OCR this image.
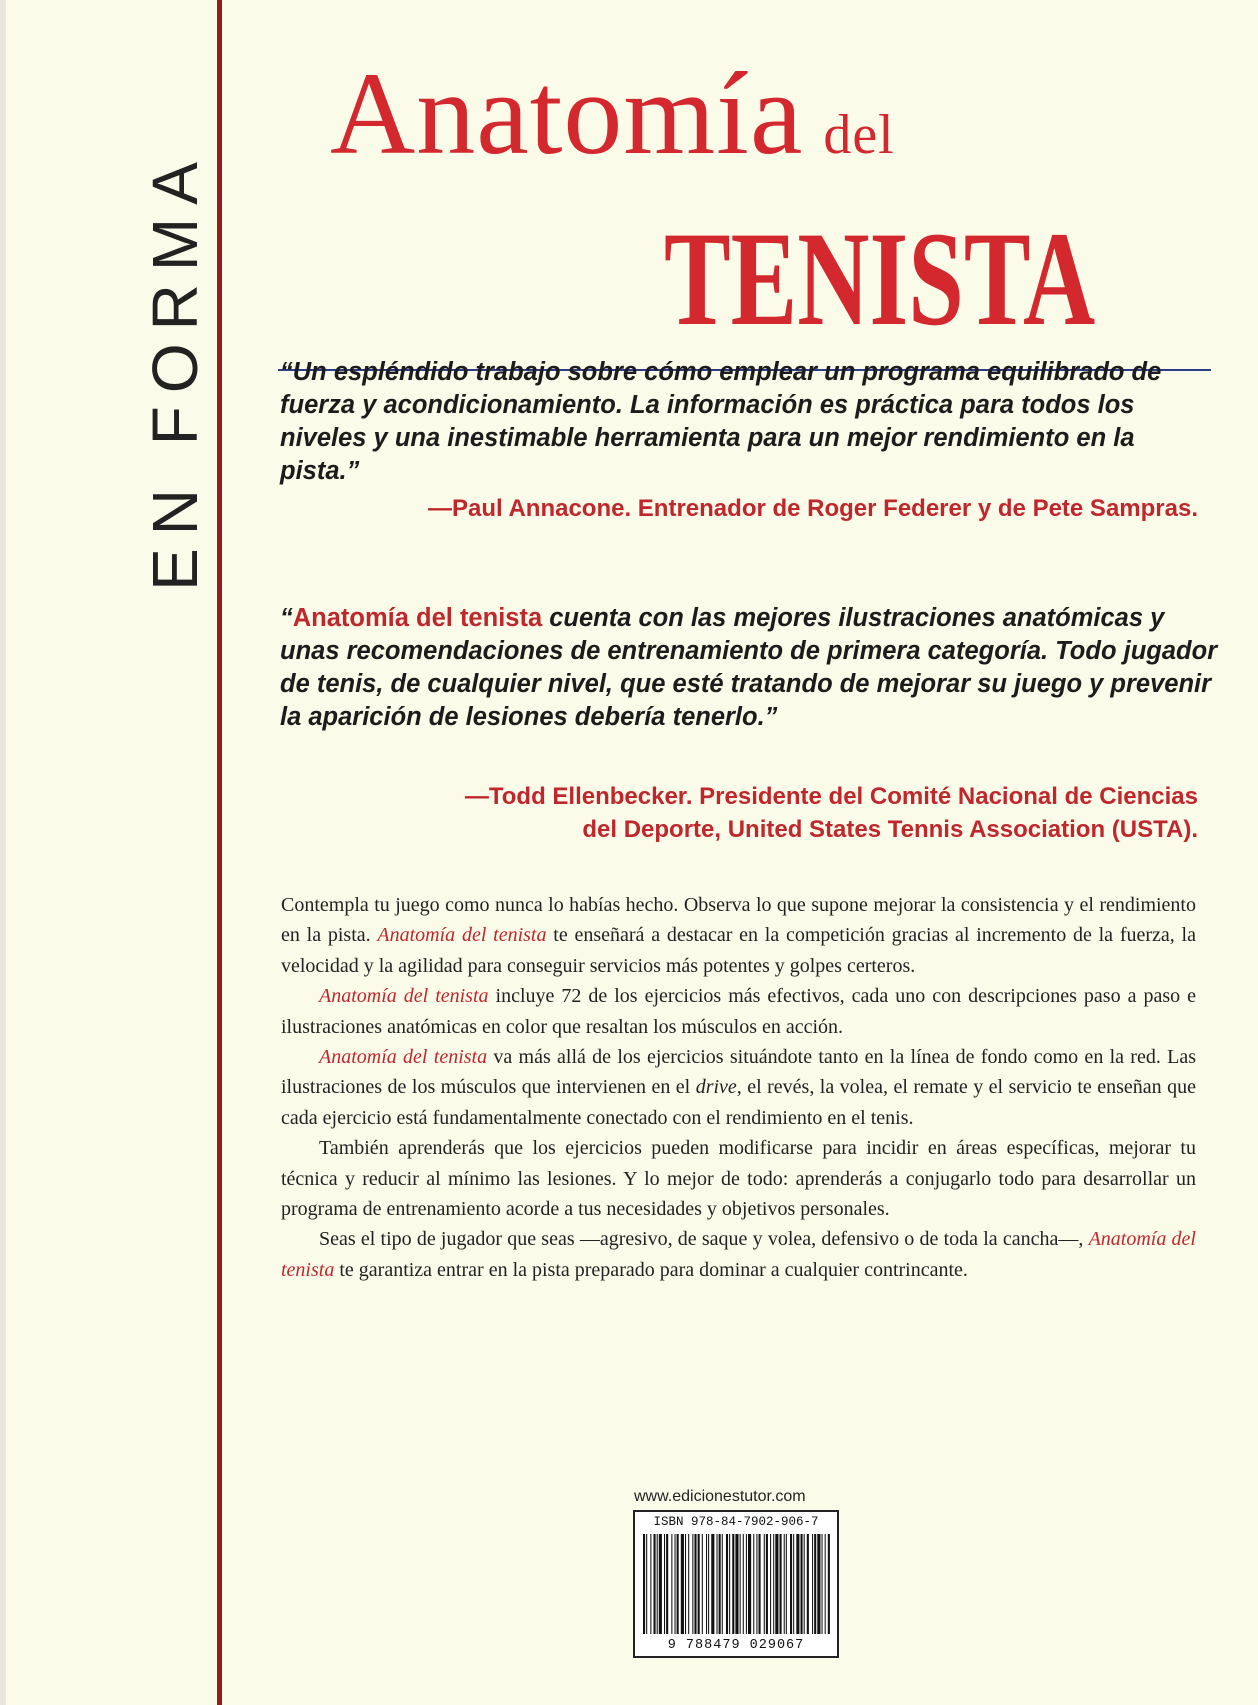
EN FORMA
Anatomía del
TENISTA

“Un espléndido trabajo sobre cómo emplear un programa equilibrado de fuerza y acondicionamiento. La información es práctica para todos los niveles y una inestimable herramienta para un mejor rendimiento en la pista.”

—Paul Annacone. Entrenador de Roger Federer y de Pete Sampras.

“Anatomía del tenista cuenta con las mejores ilustraciones anatómicas y unas recomendaciones de entrenamiento de primera categoría. Todo jugador de tenis, de cualquier nivel, que esté tratando de mejorar su juego y prevenir la aparición de lesiones debería tenerlo.”

—Todd Ellenbecker. Presidente del Comité Nacional de Ciencias
del Deporte, United States Tennis Association (USTA).

Contempla tu juego como nunca lo habías hecho. Observa lo que supone mejorar la consistencia y el rendimiento en la pista. Anatomía del tenista te enseñará a destacar en la competición gracias al incremento de la fuerza, la velocidad y la agilidad para conseguir servicios más potentes y golpes certeros.

Anatomía del tenista incluye 72 de los ejercicios más efectivos, cada uno con descripciones paso a paso e ilustraciones anatómicas en color que resaltan los músculos en acción.

Anatomía del tenista va más allá de los ejercicios situándote tanto en la línea de fondo como en la red. Las ilustraciones de los músculos que intervienen en el drive, el revés, la volea, el remate y el servicio te enseñan que cada ejercicio está fundamentalmente conectado con el rendimiento en el tenis.

También aprenderás que los ejercicios pueden modificarse para incidir en áreas específicas, mejorar tu técnica y reducir al mínimo las lesiones. Y lo mejor de todo: aprenderás a conjugarlo todo para desarrollar un programa de entrenamiento acorde a tus necesidades y objetivos personales.

Seas el tipo de jugador que seas —agresivo, de saque y volea, defensivo o de toda la cancha—, Anatomía del tenista te garantiza entrar en la pista preparado para dominar a cualquier contrincante.

www.edicionestutor.com
ISBN 978-84-7902-906-7
9 788479 029067
